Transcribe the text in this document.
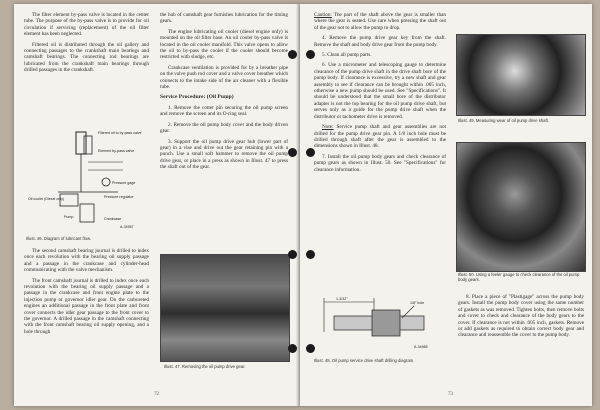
The filter element by-pass valve is located in the center tube. The purpose of the by-pass valve is to provide for oil circulation if servicing (replacement) of the oil filter element has been neglected.

Filtered oil is distributed through the oil gallery and connecting passages to the crankshaft main bearings and camshaft bearings. The connecting rod bearings are lubricated from the crankshaft main bearings through drilled passages in the crankshaft.

Filtered oil to by-pass valve
Element by-pass valve
Oil cooler (Diesel only)
Pump
Pressure gage
Pressure regulator
Crankcase
A-34957
Illust. 46. Diagram of lubricant flow.

The second camshaft bearing journal is drilled to index once each revolution with the bearing oil supply passage and a passage in the crankcase and cylinder-head communicating with the valve mechanism.

The front camshaft journal is drilled to index once each revolution with the bearing oil supply passage and a passage in the crankcase and front engine plate to the injection pump or governor idler gear. On the carbureted engines an additional passage in the front plate and front cover connects the idler gear passage to the front cover to the governor. A drilled passage in the camshaft connecting with the front camshaft bearing oil supply opening, and a hole through

the hub of camshaft gear furnishes lubrication for the timing gears.

The engine lubricating oil cooler (diesel engine only) is mounted on the oil filter base. An oil cooler by-pass valve is located in the oil cooler manifold. This valve opens to allow the oil to by-pass the cooler if the cooler should become restricted with sludge, etc.

Crankcase ventilation is provided for by a breather pipe on the valve push rod cover and a valve cover breather which connects to the intake side of the air cleaner with a flexible tube.

Service Procedure: (Oil Pump)

1. Remove the cotter pin securing the oil pump screen and remove the screen and its O-ring seal.

2. Remove the oil pump body cover and the body driven gear.

3. Support the oil pump drive gear hub (lower part of gear) in a vise and drive out the gear retaining pin with a punch. Use a small soft hammer to remove the oil pump drive gear, or place in a press as shown in Illust. 47 to press the shaft out of the gear.

Illust. 47. Removing the oil pump drive gear.
72

Caution: The part of the shaft above the gear is smaller than where the gear is seated. Use care when pressing the shaft out of the gear not to allow the pump to drop.

4. Remove the pump drive gear key from the shaft. Remove the shaft and body drive gear from the pump body.

5. Clean all pump parts.

6. Use a micrometer and telescoping gauge to determine clearance of the pump drive shaft in the drive shaft bore of the pump body. If clearance is excessive, try a new shaft and gear assembly to see if clearance can be brought within .005 inch, otherwise a new pump should be used. See "Specifications". It should be understood that the small bore of the distributor adapter is not the top bearing for the oil pump drive shaft, but serves only as a guide for the pump drive shaft when the distributor or tachometer drive is removed.

Note: Service pump shaft and gear assemblies are not drilled for the pump drive gear pin. A 1/8 inch hole must be drilled through shaft after the gear is assembled to the dimensions shown in Illust. 48.

7. Install the oil pump body gears and check clearance of pump gears as shown in Illust. 50. See "Specifications" for clearance information.

1-3/32"
1/8" hole
A-34985
Illust. 48. Oil pump service drive shaft drilling diagram.
Illust. 49. Measuring wear of oil pump drive shaft.
Illust. 50. Using a feeler gauge to check clearance of the oil pump body gears.

8. Place a piece of "Plastigage" across the pump body gears. Install the pump body cover using the same number of gaskets as was removed. Tighten bolts, then remove bolts and cover to check and clearance of the body gears to the cover. If clearance is not within .005 inch, gaskets. Remove or add gaskets as required to obtain correct body gear and clearance and reassemble the cover to the pump body.

73
